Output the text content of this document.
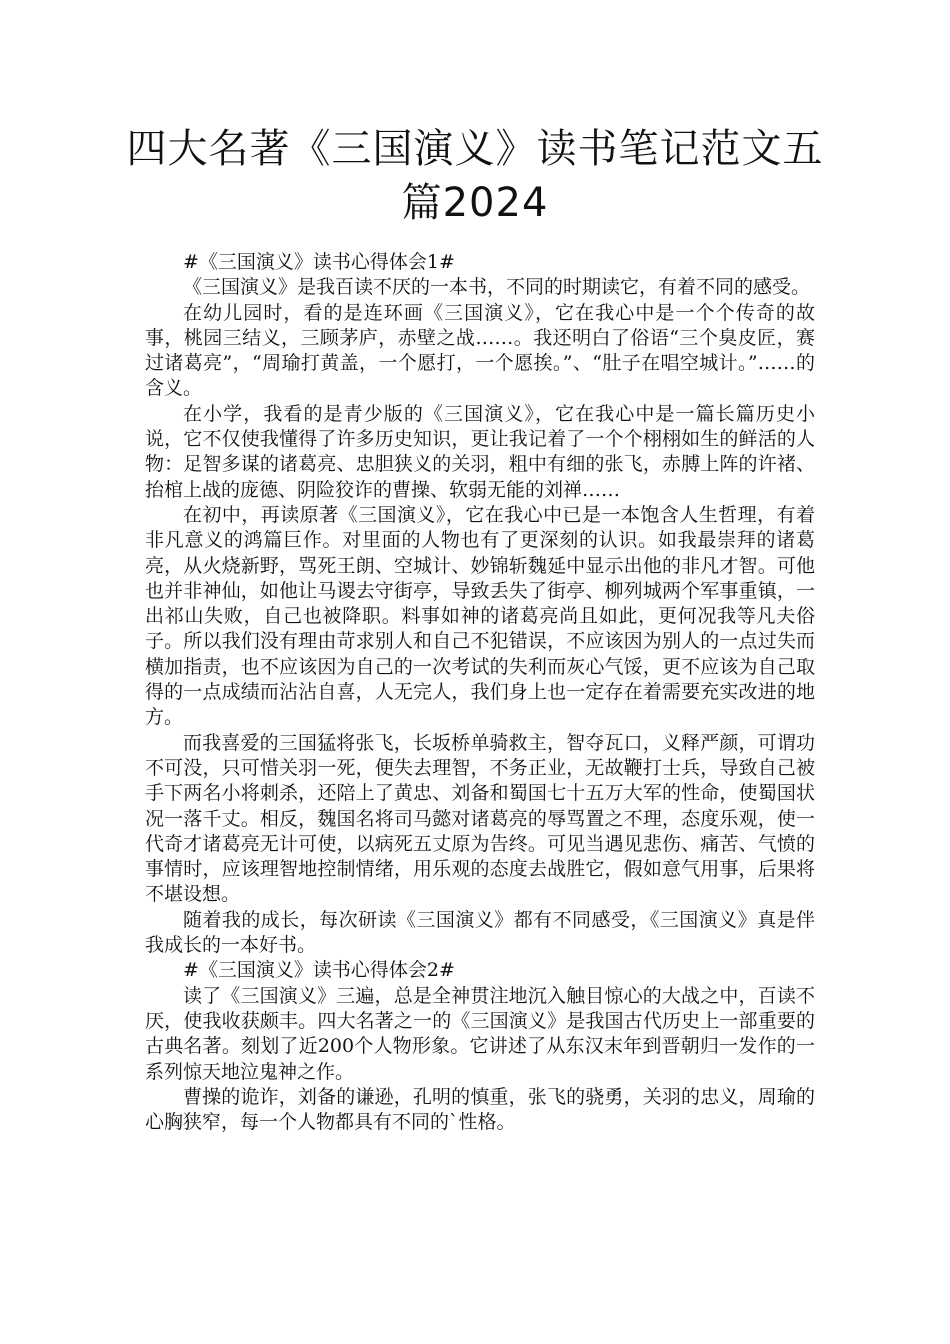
四大名著《三国演义》读书笔记范文五篇2024

#《三国演义》读书心得体会1#

《三国演义》是我百读不厌的一本书，不同的时期读它，有着不同的感受。

在幼儿园时，看的是连环画《三国演义》，它在我心中是一个个传奇的故事，桃园三结义，三顾茅庐，赤壁之战……。我还明白了俗语“三个臭皮匠，赛过诸葛亮”，“周瑜打黄盖，一个愿打，一个愿挨。”、“肚子在唱空城计。”……的含义。

在小学，我看的是青少版的《三国演义》，它在我心中是一篇长篇历史小说，它不仅使我懂得了许多历史知识，更让我记着了一个个栩栩如生的鲜活的人物：足智多谋的诸葛亮、忠胆狭义的关羽，粗中有细的张飞，赤膊上阵的许褚、抬棺上战的庞德、阴险狡诈的曹操、软弱无能的刘禅……

在初中，再读原著《三国演义》，它在我心中已是一本饱含人生哲理，有着非凡意义的鸿篇巨作。对里面的人物也有了更深刻的认识。如我最崇拜的诸葛亮，从火烧新野，骂死王朗、空城计、妙锦斩魏延中显示出他的非凡才智。可他也并非神仙，如他让马谡去守街亭，导致丢失了街亭、柳列城两个军事重镇，一出祁山失败，自己也被降职。料事如神的诸葛亮尚且如此，更何况我等凡夫俗子。所以我们没有理由苛求别人和自己不犯错误，不应该因为别人的一点过失而横加指责，也不应该因为自己的一次考试的失利而灰心气馁，更不应该为自己取得的一点成绩而沾沾自喜，人无完人，我们身上也一定存在着需要充实改进的地方。

而我喜爱的三国猛将张飞，长坂桥单骑救主，智夺瓦口，义释严颜，可谓功不可没，只可惜关羽一死，便失去理智，不务正业，无故鞭打士兵，导致自己被手下两名小将刺杀，还陪上了黄忠、刘备和蜀国七十五万大军的性命，使蜀国状况一落千丈。相反，魏国名将司马懿对诸葛亮的辱骂置之不理，态度乐观，使一代奇才诸葛亮无计可使，以病死五丈原为告终。可见当遇见悲伤、痛苦、气愤的事情时，应该理智地控制情绪，用乐观的态度去战胜它，假如意气用事，后果将不堪设想。

随着我的成长，每次研读《三国演义》都有不同感受，《三国演义》真是伴我成长的一本好书。

#《三国演义》读书心得体会2#

读了《三国演义》三遍，总是全神贯注地沉入触目惊心的大战之中，百读不厌，使我收获颇丰。四大名著之一的《三国演义》是我国古代历史上一部重要的古典名著。刻划了近200个人物形象。它讲述了从东汉末年到晋朝归一发作的一系列惊天地泣鬼神之作。

曹操的诡诈，刘备的谦逊，孔明的慎重，张飞的骁勇，关羽的忠义，周瑜的心胸狭窄，每一个人物都具有不同的`性格。
